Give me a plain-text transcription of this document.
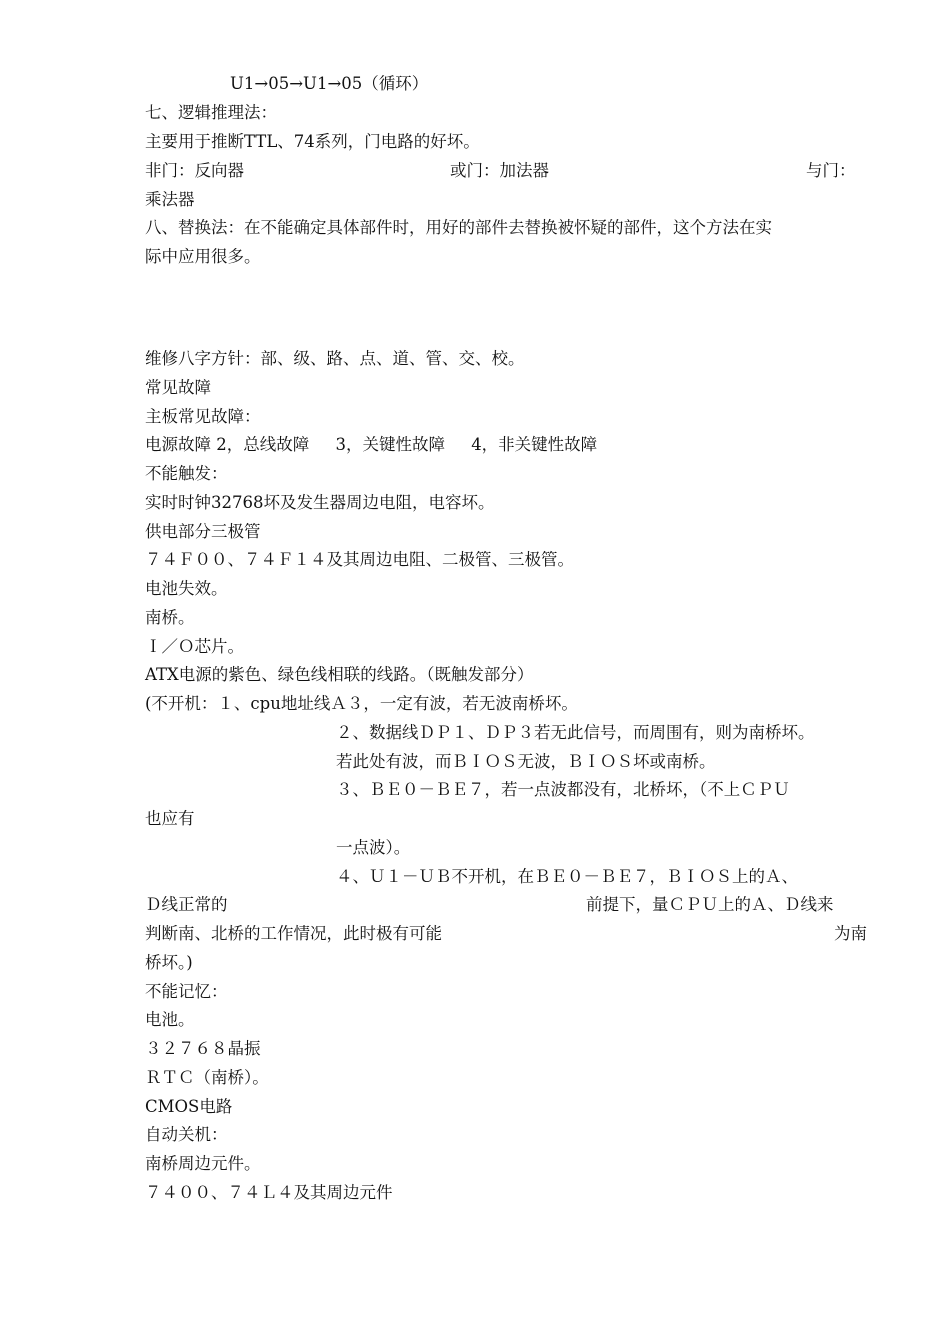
U1→05→U1→05（循环）
七、逻辑推理法：
主要用于推断TTL、74系列，门电路的好坏。
非门：反向器	或门：加法器	与门：
乘法器
八、替换法：在不能确定具体部件时，用好的部件去替换被怀疑的部件，这个方法在实
际中应用很多。
维修八字方针：部、级、路、点、道、管、交、校。
常见故障
主板常见故障：
电源故障 2，总线故障     3，关键性故障     4，非关键性故障
不能触发：
实时时钟32768坏及发生器周边电阻，电容坏。
供电部分三极管
７４Ｆ００、７４Ｆ１４及其周边电阻、二极管、三极管。
电池失效。
南桥。
Ｉ／Ｏ芯片。
ATX电源的紫色、绿色线相联的线路。（既触发部分）
(不开机：１、cpu地址线Ａ３，一定有波，若无波南桥坏。
２、数据线ＤＰ１、ＤＰ３若无此信号，而周围有，则为南桥坏。
若此处有波，而ＢＩＯＳ无波，ＢＩＯＳ坏或南桥。
３、ＢＥ０－ＢＥ７，若一点波都没有，北桥坏，（不上ＣＰＵ
也应有
一点波）。
４、Ｕ１－ＵＢ不开机，在ＢＥ０－ＢＥ７，ＢＩＯＳ上的Ａ、
Ｄ线正常的	前提下，量ＣＰＵ上的Ａ、Ｄ线来
判断南、北桥的工作情况，此时极有可能	为南
桥坏。)
不能记忆：
电池。
３２７６８晶振
ＲＴＣ（南桥）。
CMOS电路
自动关机：
南桥周边元件。
７４００、７４Ｌ４及其周边元件
